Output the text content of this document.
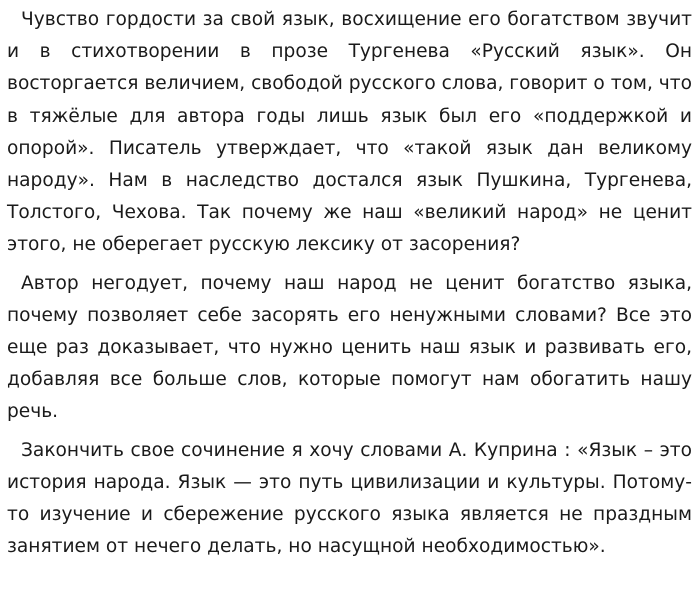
Чувство гордости за свой язык, восхищение его богатством звучит и в стихотворении в прозе Тургенева «Русский язык». Он восторгается величием, свободой русского слова, говорит о том, что в тяжёлые для автора годы лишь язык был его «поддержкой и опорой». Писатель утверждает, что «такой язык дан великому народу». Нам в наследство достался язык Пушкина, Тургенева, Толстого, Чехова. Так почему же наш «великий народ» не ценит этого, не оберегает русскую лексику от засорения?

Автор негодует, почему наш народ не ценит богатство языка, почему позволяет себе засорять его ненужными словами? Все это еще раз доказывает, что нужно ценить наш язык и развивать его, добавляя все больше слов, которые помогут нам обогатить нашу речь.

Закончить свое сочинение я хочу словами А. Куприна : «Язык – это история народа. Язык — это путь цивилизации и культуры. Потому-то изучение и сбережение русского языка является не праздным занятием от нечего делать, но насущной необходимостью».
